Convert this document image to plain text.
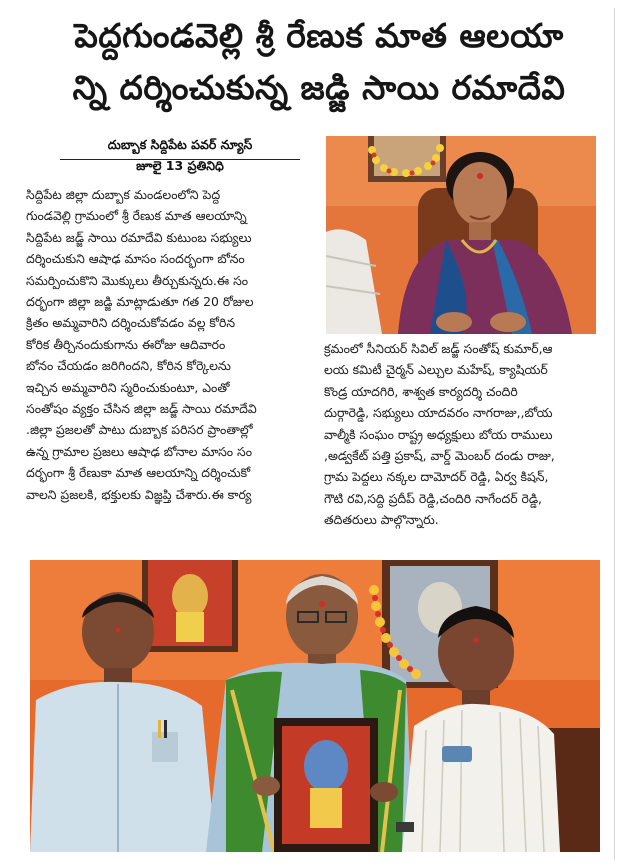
పెద్దగుండవెల్లి శ్రీ రేణుక మాత ఆలయా
న్ని దర్శించుకున్న జడ్జి సాయి రమాదేవి
దుబ్బాక సిద్దిపేట పవర్ న్యూస్
జూలై 13 ప్రతినిధి
సిద్దిపేట జిల్లా దుబ్బాక మండలంలోని పెద్ద
గుండవెల్లి గ్రామంలో శ్రీ రేణుక మాత ఆలయాన్ని
సిద్దిపేట జడ్జ్ సాయి రమాదేవి కుటుంబ సభ్యులు
దర్శించుకుని ఆషాఢ మాసం సందర్భంగా బోనం
సమర్పించుకొని మొక్కులు తీర్చుకున్నరు.ఈ సం
దర్భంగా జిల్లా జడ్జి మాట్లాడుతూ గత 20 రోజుల
క్రితం అమ్మవారిని దర్శించుకోవడం వల్ల కోరిన
కోరిక తీర్చినందుకుగాను ఈరోజు ఆదివారం
బోనం చేయడం జరిగిందని, కోరిన కోర్కెలను
ఇచ్చిన అమ్మవారిని స్మరించుకుంటూ, ఎంతో
సంతోషం వ్యక్తం చేసిన జిల్లా జడ్జ్ సాయి రమాదేవి
.జిల్లా ప్రజలతో పాటు దుబ్బాక పరిసర ప్రాంతాల్లో
ఉన్న గ్రామాల ప్రజలు ఆషాఢ బోనాల మాసం సం
దర్భంగా శ్రీ రేణుకా మాత ఆలయాన్ని దర్శించుకో
వాలని ప్రజలకి, భక్తులకు విజ్ఞప్తి చేశారు.ఈ కార్య
క్రమంలో సీనియర్ సివిల్ జడ్జ్ సంతోష్ కుమార్,ఆ
లయ కమిటీ చైర్మన్ ఎల్చుల మహేష్, క్యాషియర్
కొండ్ర యాదగిరి, శాశ్వత కార్యదర్శి చందిరి
దుర్గారెడ్డి, సభ్యులు యాదవరం నాగరాజు,,బోయ
వాల్మీకి సంఘం రాష్ట్ర అధ్యక్షులు బోయ రాములు
,అడ్వకేట్ పత్తి ప్రకాష్, వార్డ్ మెంబర్ దండు రాజు,
గ్రామ పెద్దలు నక్కల దామోదర్ రెడ్డి, ఏర్వ కిషన్,
గౌటి రవి,సద్ది ప్రదీప్ రెడ్డి,చందిరి నాగేందర్ రెడ్డి,
తదితరులు పాల్గొన్నారు.
